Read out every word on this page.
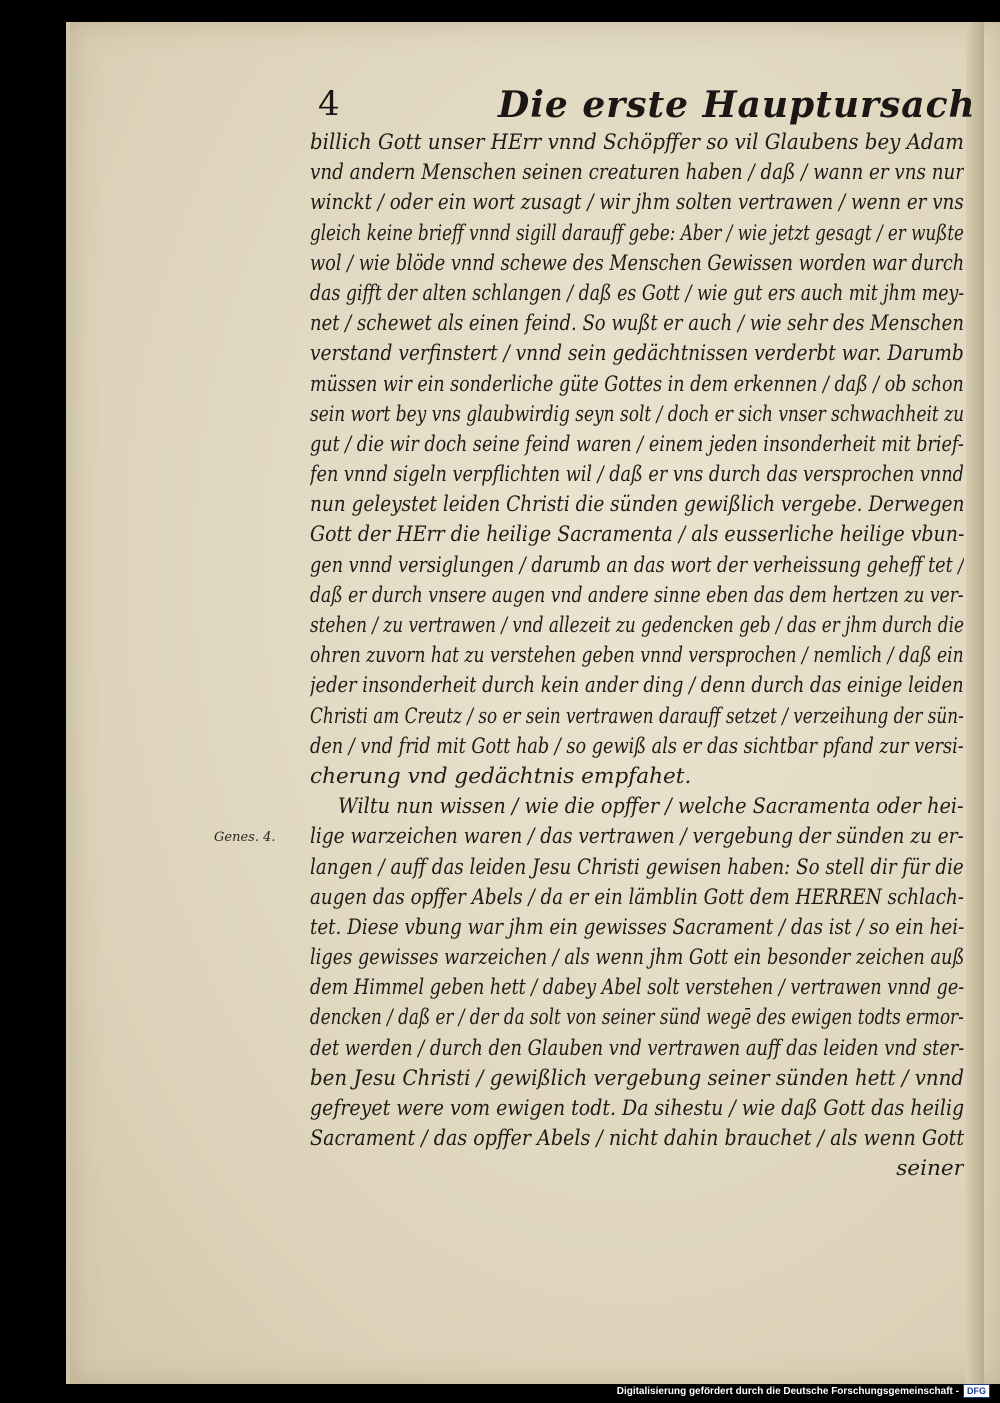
4	Die erste Hauptursach
Genes. 4.
billich Gott unser HErr vnnd Schöpffer so vil Glaubens bey Adam
vnd andern Menschen seinen creaturen haben / daß / wann er vns nur
winckt / oder ein wort zusagt / wir jhm solten vertrawen / wenn er vns
gleich keine brieff vnnd sigill darauff gebe: Aber / wie jetzt gesagt / er wußte
wol / wie blöde vnnd schewe des Menschen Gewissen worden war durch
das gifft der alten schlangen / daß es Gott / wie gut ers auch mit jhm mey-
net / schewet als einen feind. So wußt er auch / wie sehr des Menschen
verstand verfinstert / vnnd sein gedächtnissen verderbt war. Darumb
müssen wir ein sonderliche güte Gottes in dem erkennen / daß / ob schon
sein wort bey vns glaubwirdig seyn solt / doch er sich vnser schwachheit zu
gut / die wir doch seine feind waren / einem jeden insonderheit mit brief-
fen vnnd sigeln verpflichten wil / daß er vns durch das versprochen vnnd
nun geleystet leiden Christi die sünden gewißlich vergebe. Derwegen
Gott der HErr die heilige Sacramenta / als eusserliche heilige vbun-
gen vnnd versiglungen / darumb an das wort der verheissung geheff tet /
daß er durch vnsere augen vnd andere sinne eben das dem hertzen zu ver-
stehen / zu vertrawen / vnd allezeit zu gedencken geb / das er jhm durch die
ohren zuvorn hat zu verstehen geben vnnd versprochen / nemlich / daß ein
jeder insonderheit durch kein ander ding / denn durch das einige leiden
Christi am Creutz / so er sein vertrawen darauff setzet / verzeihung der sün-
den / vnd frid mit Gott hab / so gewiß als er das sichtbar pfand zur versi-
cherung vnd gedächtnis empfahet.
Wiltu nun wissen / wie die opffer / welche Sacramenta oder hei-
lige warzeichen waren / das vertrawen / vergebung der sünden zu er-
langen / auff das leiden Jesu Christi gewisen haben: So stell dir für die
augen das opffer Abels / da er ein lämblin Gott dem HERREN schlach-
tet. Diese vbung war jhm ein gewisses Sacrament / das ist / so ein hei-
liges gewisses warzeichen / als wenn jhm Gott ein besonder zeichen auß
dem Himmel geben hett / dabey Abel solt verstehen / vertrawen vnnd ge-
dencken / daß er / der da solt von seiner sünd wegē des ewigen todts ermor-
det werden / durch den Glauben vnd vertrawen auff das leiden vnd ster-
ben Jesu Christi / gewißlich vergebung seiner sünden hett / vnnd
gefreyet were vom ewigen todt. Da sihestu / wie daß Gott das heilig
Sacrament / das opffer Abels / nicht dahin brauchet / als wenn Gott
seiner
Digitalisierung gefördert durch die Deutsche Forschungsgemeinschaft - DFG
